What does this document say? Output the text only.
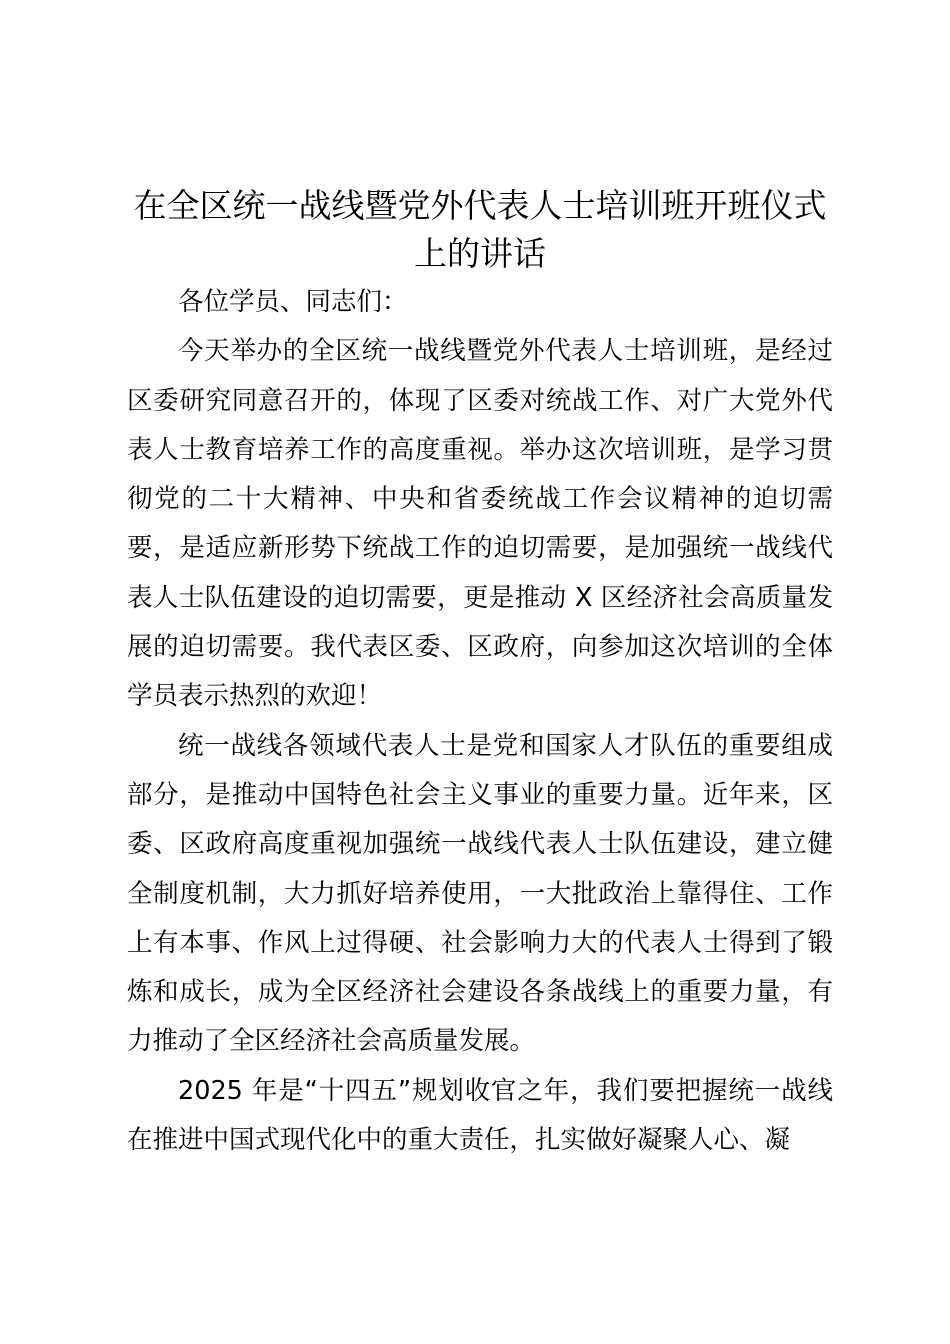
在全区统一战线暨党外代表人士培训班开班仪式上的讲话

各位学员、同志们：

今天举办的全区统一战线暨党外代表人士培训班，是经过区委研究同意召开的，体现了区委对统战工作、对广大党外代表人士教育培养工作的高度重视。举办这次培训班，是学习贯彻党的二十大精神、中央和省委统战工作会议精神的迫切需要，是适应新形势下统战工作的迫切需要，是加强统一战线代表人士队伍建设的迫切需要，更是推动 X 区经济社会高质量发展的迫切需要。我代表区委、区政府，向参加这次培训的全体学员表示热烈的欢迎！

统一战线各领域代表人士是党和国家人才队伍的重要组成部分，是推动中国特色社会主义事业的重要力量。近年来，区委、区政府高度重视加强统一战线代表人士队伍建设，建立健全制度机制，大力抓好培养使用，一大批政治上靠得住、工作上有本事、作风上过得硬、社会影响力大的代表人士得到了锻炼和成长，成为全区经济社会建设各条战线上的重要力量，有力推动了全区经济社会高质量发展。

2025 年是“十四五”规划收官之年，我们要把握统一战线在推进中国式现代化中的重大责任，扎实做好凝聚人心、凝
